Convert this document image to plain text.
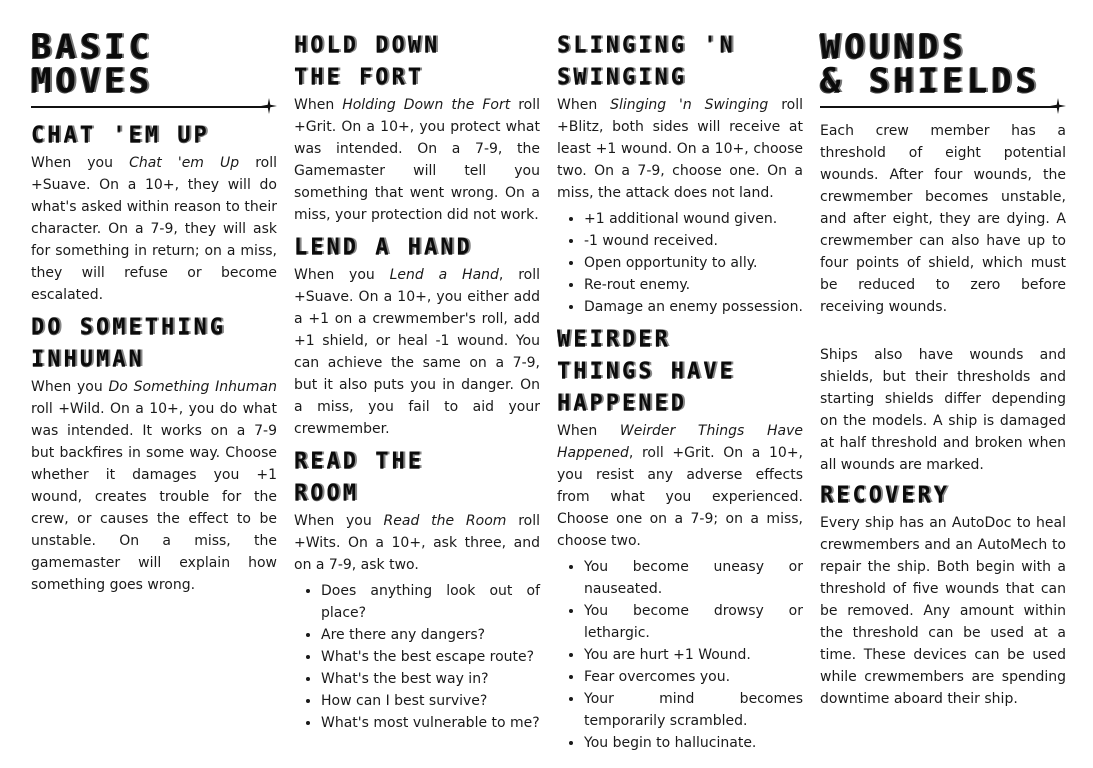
BASIC
MOVES
CHAT 'EM UP

When you Chat 'em Up roll +Suave. On a 10+, they will do what's asked within reason to their character. On a 7-9, they will ask for something in return; on a miss, they will refuse or become escalated.

DO SOMETHING
INHUMAN

When you Do Something Inhuman roll +Wild. On a 10+, you do what was intended. It works on a 7-9 but backfires in some way. Choose whether it damages you +1 wound, creates trouble for the crew, or causes the effect to be unstable. On a miss, the gamemaster will explain how something goes wrong.

HOLD DOWN
THE FORT

When Holding Down the Fort roll +Grit. On a 10+, you protect what was intended. On a 7-9, the Gamemaster will tell you something that went wrong. On a miss, your protection did not work.

LEND A HAND

When you Lend a Hand, roll +Suave. On a 10+, you either add a +1 on a crewmember's roll, add +1 shield, or heal -1 wound. You can achieve the same on a 7-9, but it also puts you in danger. On a miss, you fail to aid your crewmember.

READ THE
ROOM

When you Read the Room roll +Wits. On a 10+, ask three, and on a 7-9, ask two.

• Does anything look out of place?
• Are there any dangers?
• What's the best escape route?
• What's the best way in?
• How can I best survive?
• What's most vulnerable to me?
SLINGING 'N
SWINGING

When Slinging 'n Swinging roll +Blitz, both sides will receive at least +1 wound. On a 10+, choose two. On a 7-9, choose one. On a miss, the attack does not land.

• +1 additional wound given.
• -1 wound received.
• Open opportunity to ally.
• Re-rout enemy.
• Damage an enemy possession.
WEIRDER
THINGS HAVE
HAPPENED

When Weirder Things Have Happened, roll +Grit. On a 10+, you resist any adverse effects from what you experienced. Choose one on a 7-9; on a miss, choose two.

• You become uneasy or nauseated.
• You become drowsy or lethargic.
• You are hurt +1 Wound.
• Fear overcomes you.
• Your mind becomes temporarily scrambled.
• You begin to hallucinate.
WOUNDS
& SHIELDS

Each crew member has a threshold of eight potential wounds. After four wounds, the crewmember becomes unstable, and after eight, they are dying. A crewmember can also have up to four points of shield, which must be reduced to zero before receiving wounds.

Ships also have wounds and shields, but their thresholds and starting shields differ depending on the models. A ship is damaged at half threshold and broken when all wounds are marked.

RECOVERY

Every ship has an AutoDoc to heal crewmembers and an AutoMech to repair the ship. Both begin with a threshold of five wounds that can be removed. Any amount within the threshold can be used at a time. These devices can be used while crewmembers are spending downtime aboard their ship.
